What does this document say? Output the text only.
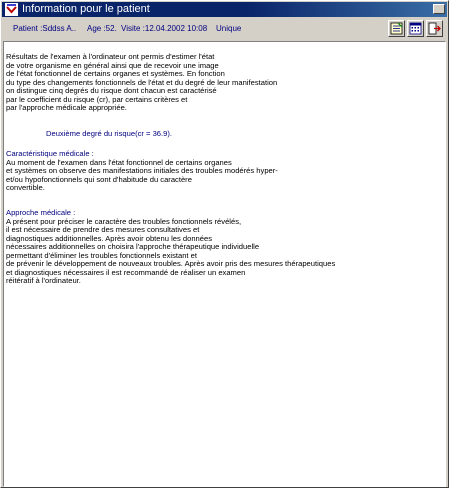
Information pour le patient
Patient :Sddss A.. Age :52. Visite :12.04.2002 10:08 Unique
Résultats de l'examen à l'ordinateur ont permis d'estimer l'état
de votre organisme en général ainsi que de recevoir une image
de l'état fonctionnel de certains organes et systèmes. En fonction
du type des changements fonctionnels de l'état et du degré de leur manifestation
on distingue cinq degrés du risque dont chacun est caractérisé
par le coefficient du risque (cr), par certains critères et
par l'approche médicale appropriée.
Deuxième degré du risque(cr = 36.9).
Caractéristique médicale :
Au moment de l'examen dans l'état fonctionnel de certains organes
et systèmes on observe des manifestations initiales des troubles modérés hyper-
et/ou hypofonctionnels qui sont d'habitude du caractère
convertible.
Approche médicale :
A présent pour préciser le caractère des troubles fonctionnels révélés,
il est nécessaire de prendre des mesures consultatives et
diagnostiques additionnelles. Après avoir obtenu les données
nécessaires additionnelles on choisira l'approche thérapeutique individuelle
permettant d'éliminer les troubles fonctionnels existant et
de prévenir le développement de nouveaux troubles. Après avoir pris des mesures thérapeutiques
et diagnostiques nécessaires il est recommandé de réaliser un examen
réitératif à l'ordinateur.
